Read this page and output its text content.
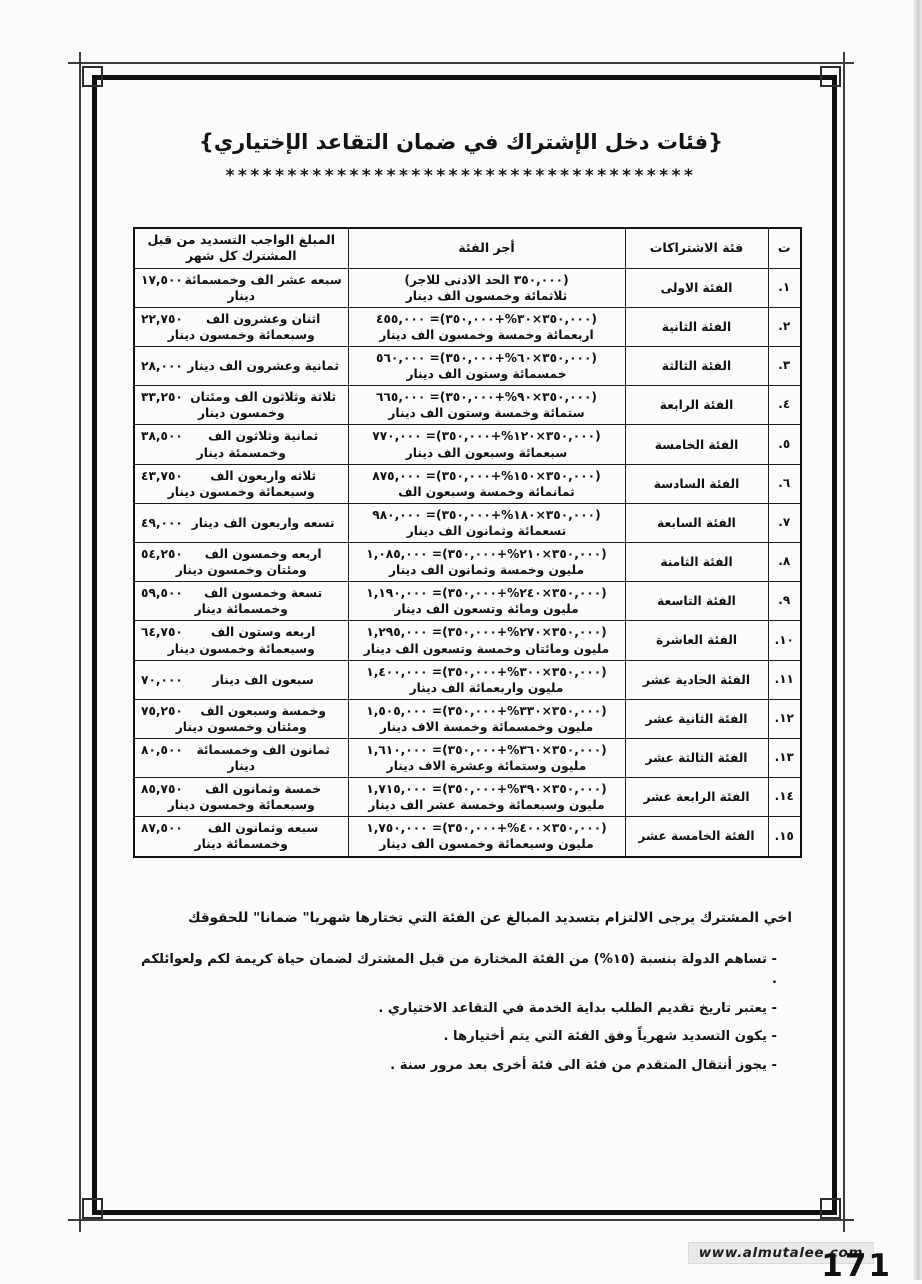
{فئات دخل الإشتراك في ضمان التقاعد الإختياري}
**************************************
ت	فئة الاشتراكات	أجر الفئة	المبلغ الواجب التسديد من قبل المشترك كل شهر
.١	الفئة الاولى	
(٣٥٠,٠٠٠ الحد الادنى للاجر)
ثلاثمائة وخمسون الف دينار

١٧,٥٠٠ سبعه عشر الف وخمسمائة دينار
.٢	الفئة الثانية	
(٣٥٠,٠٠٠×٣٠%+٣٥٠,٠٠٠)= ٤٥٥,٠٠٠
اربعمائة وخمسة وخمسون الف دينار

٢٢,٧٥٠ اثنان وعشرون الف وسبعمائة وخمسون دينار
.٣	الفئة الثالثة	
(٣٥٠,٠٠٠×٦٠%+٣٥٠,٠٠٠)= ٥٦٠,٠٠٠
خمسمائة وستون الف دينار

٢٨,٠٠٠ ثمانية وعشرون الف دينار
.٤	الفئة الرابعة	
(٣٥٠,٠٠٠×٩٠%+٣٥٠,٠٠٠)= ٦٦٥,٠٠٠
ستمائة وخمسة وستون الف دينار

٣٣,٢٥٠ ثلاثة وثلاثون الف ومئتان وخمسون دينار
.٥	الفئة الخامسة	
(٣٥٠,٠٠٠×١٢٠%+٣٥٠,٠٠٠)= ٧٧٠,٠٠٠
سبعمائة وسبعون الف دينار

٣٨,٥٠٠ ثمانية وثلاثون الف وخمسمئة دينار
.٦	الفئة السادسة	
(٣٥٠,٠٠٠×١٥٠%+٣٥٠,٠٠٠)= ٨٧٥,٠٠٠
ثمانمائة وخمسة وسبعون الف

٤٣,٧٥٠ ثلاثه واربعون الف وسبعمائة وخمسون دينار
.٧	الفئة السابعة	
(٣٥٠,٠٠٠×١٨٠%+٣٥٠,٠٠٠)= ٩٨٠,٠٠٠
تسعمائة وثمانون الف دينار

٤٩,٠٠٠ تسعه واربعون الف دينار
.٨	الفئة الثامنة	
(٣٥٠,٠٠٠×٢١٠%+٣٥٠,٠٠٠)= ١,٠٨٥,٠٠٠
مليون وخمسة وثمانون الف دينار

٥٤,٢٥٠ اربعه وخمسون الف ومئتان وخمسون دينار
.٩	الفئة التاسعة	
(٣٥٠,٠٠٠×٢٤٠%+٣٥٠,٠٠٠)= ١,١٩٠,٠٠٠
مليون ومائة وتسعون الف دينار

٥٩,٥٠٠ تسعة وخمسون الف وخمسمائة دينار
.١٠	الفئة العاشرة	
(٣٥٠,٠٠٠×٢٧٠%+٣٥٠,٠٠٠)= ١,٢٩٥,٠٠٠
مليون ومائتان وخمسة وتسعون الف دينار

٦٤,٧٥٠ اربعه وستون الف وسبعمائة وخمسون دينار
.١١	الفئة الحادية عشر	
(٣٥٠,٠٠٠×٣٠٠%+٣٥٠,٠٠٠)= ١,٤٠٠,٠٠٠
مليون واربعمائة الف دينار

٧٠,٠٠٠ سبعون الف دينار
.١٢	الفئة الثانية عشر	
(٣٥٠,٠٠٠×٣٣٠%+٣٥٠,٠٠٠)= ١,٥٠٥,٠٠٠
مليون وخمسمائة وخمسة الاف دينار

٧٥,٢٥٠ وخمسة وسبعون الف ومئتان وخمسون دينار
.١٣	الفئة الثالثة عشر	
(٣٥٠,٠٠٠×٣٦٠%+٣٥٠,٠٠٠)= ١,٦١٠,٠٠٠
مليون وستمائة وعشرة الاف دينار

٨٠,٥٠٠ ثمانون الف وخمسمائة دينار
.١٤	الفئة الرابعة عشر	
(٣٥٠,٠٠٠×٣٩٠%+٣٥٠,٠٠٠)= ١,٧١٥,٠٠٠
مليون وسبعمائة وخمسة عشر الف دينار

٨٥,٧٥٠ خمسة وثمانون الف وسبعمائة وخمسون دينار
.١٥	الفئة الخامسة عشر	
(٣٥٠,٠٠٠×٤٠٠%+٣٥٠,٠٠٠)= ١,٧٥٠,٠٠٠
مليون وسبعمائة وخمسون الف دينار

٨٧,٥٠٠ سبعه وثمانون الف وخمسمائة دينار
اخي المشترك يرجى الالتزام بتسديد المبالغ عن الفئة التي تختارها شهريا" ضمانا" للحقوقك
- تساهم الدولة بنسبة (١٥%) من الفئة المختارة من قبل المشترك لضمان حياة كريمة لكم ولعوائلكم .
- يعتبر تاريخ تقديم الطلب بداية الخدمة في التقاعد الاختياري .
- يكون التسديد شهرياً وفق الفئة التي يتم أختيارها .
- يجوز أنتقال المتقدم من فئة الى فئة أخرى بعد مرور سنة .
www.almutalee.com
171
